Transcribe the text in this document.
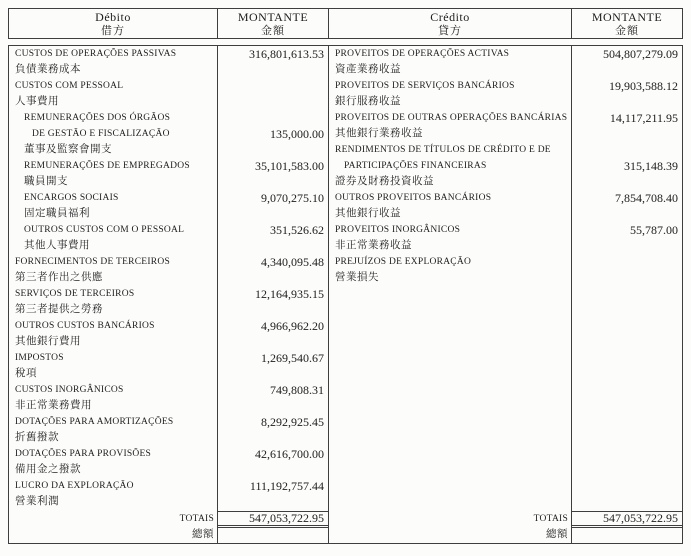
Débito
借方
MONTANTE
金額
Crédito
貸方
MONTANTE
金額
CUSTOS DE OPERAÇÕES PASSIVAS
負債業務成本
CUSTOS COM PESSOAL
人事費用
REMUNERAÇÕES DOS ÓRGÃOS
DE GESTÃO E FISCALIZAÇÃO
董事及監察會開支
REMUNERAÇÕES DE EMPREGADOS
職員開支
ENCARGOS SOCIAIS
固定職員福利
OUTROS CUSTOS COM O PESSOAL
其他人事費用
FORNECIMENTOS DE TERCEIROS
第三者作出之供應
SERVIÇOS DE TERCEIROS
第三者提供之勞務
OUTROS CUSTOS BANCÁRIOS
其他銀行費用
IMPOSTOS
稅項
CUSTOS INORGÂNICOS
非正常業務費用
DOTAÇÕES PARA AMORTIZAÇÕES
折舊撥款
DOTAÇÕES PARA PROVISÕES
備用金之撥款
LUCRO DA EXPLORAÇÃO
營業利潤
TOTAIS
總額
316,801,613.53
135,000.00
35,101,583.00
9,070,275.10
351,526.62
4,340,095.48
12,164,935.15
4,966,962.20
1,269,540.67
749,808.31
8,292,925.45
42,616,700.00
111,192,757.44
547,053,722.95
PROVEITOS DE OPERAÇÕES ACTIVAS
資產業務收益
PROVEITOS DE SERVIÇOS BANCÁRIOS
銀行服務收益
PROVEITOS DE OUTRAS OPERAÇÕES BANCÁRIAS
其他銀行業務收益
RENDIMENTOS DE TÍTULOS DE CRÉDITO E DE
PARTICIPAÇÕES FINANCEIRAS
證券及財務投資收益
OUTROS PROVEITOS BANCÁRIOS
其他銀行收益
PROVEITOS INORGÂNICOS
非正常業務收益
PREJUÍZOS DE EXPLORAÇÃO
營業損失
TOTAIS
總額
504,807,279.09
19,903,588.12
14,117,211.95
315,148.39
7,854,708.40
55,787.00
547,053,722.95
